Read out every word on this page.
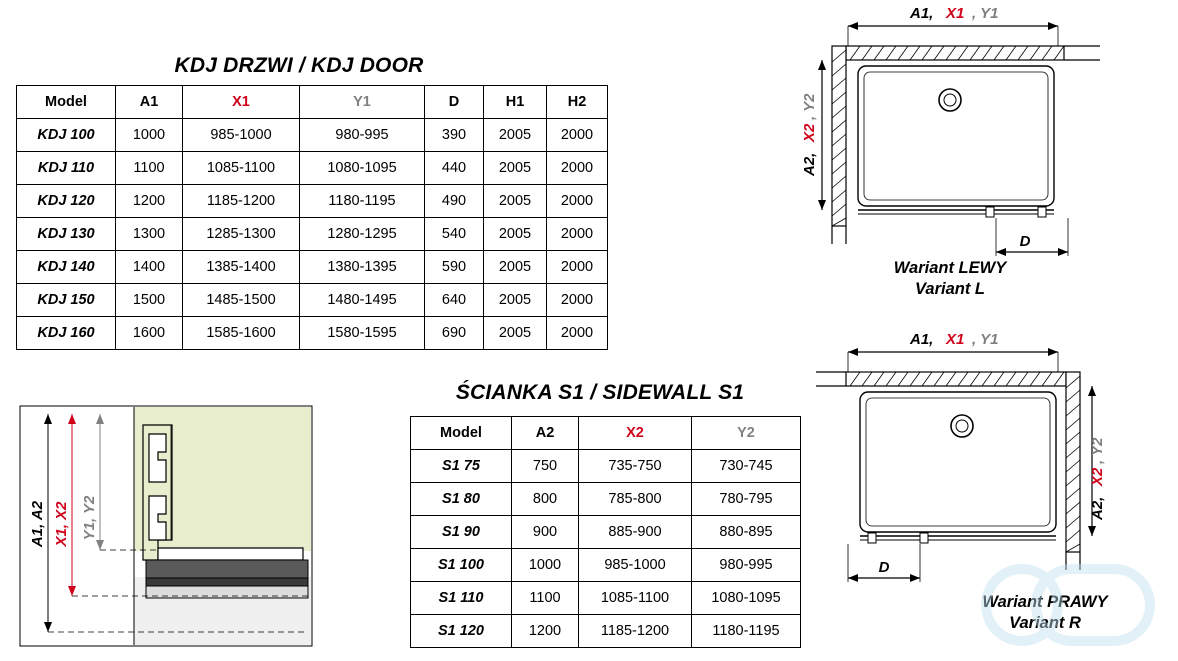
KDJ DRZWI / KDJ DOOR
Model	A1	X1	Y1	D	H1	H2
KDJ 100	1000	985-1000	980-995	390	2005	2000
KDJ 110	1100	1085-1100	1080-1095	440	2005	2000
KDJ 120	1200	1185-1200	1180-1195	490	2005	2000
KDJ 130	1300	1285-1300	1280-1295	540	2005	2000
KDJ 140	1400	1385-1400	1380-1395	590	2005	2000
KDJ 150	1500	1485-1500	1480-1495	640	2005	2000
KDJ 160	1600	1585-1600	1580-1595	690	2005	2000
ŚCIANKA S1 / SIDEWALL S1
Model	A2	X2	Y2
S1 75	750	735-750	730-745
S1 80	800	785-800	780-795
S1 90	900	885-900	880-895
S1 100	1000	985-1000	980-995
S1 110	1100	1085-1100	1080-1095
S1 120	1200	1185-1200	1180-1195
A1, A2 X1, X2 Y1, Y2
A1, X1 , Y1
A2,
X2
, Y2
D
Wariant LEWY
Variant L
A1, X1 , Y1
A2,
X2
, Y2
D
Wariant PRAWY
Variant R
